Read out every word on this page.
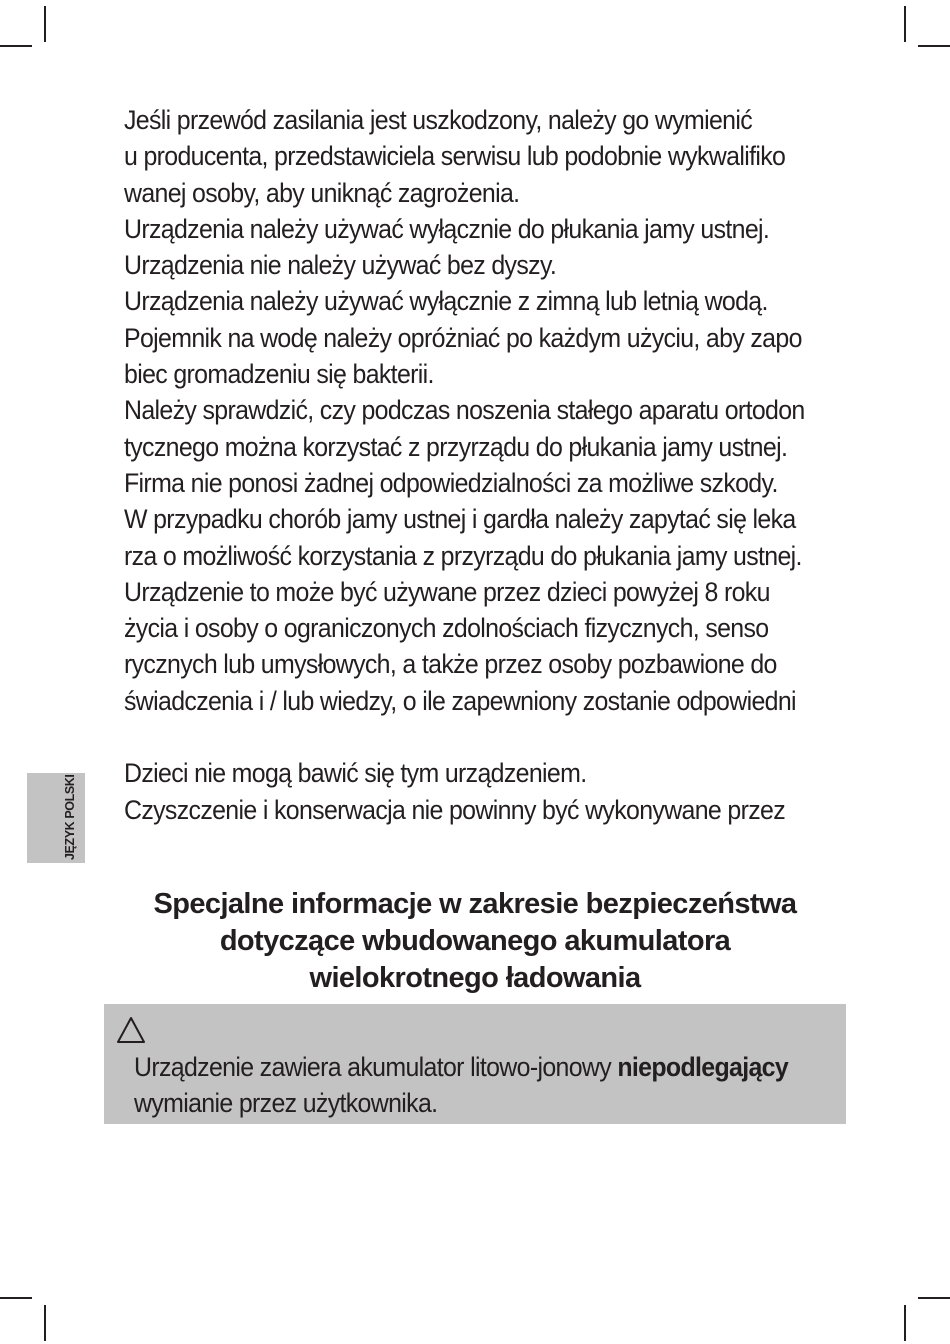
Jeśli przewód zasilania jest uszkodzony, należy go wymienić
u producenta, przedstawiciela serwisu lub podobnie wykwalifiko
wanej osoby, aby uniknąć zagrożenia.
Urządzenia należy używać wyłącznie do płukania jamy ustnej.
Urządzenia nie należy używać bez dyszy.
Urządzenia należy używać wyłącznie z zimną lub letnią wodą.
Pojemnik na wodę należy opróżniać po każdym użyciu, aby zapo
biec gromadzeniu się bakterii.
Należy sprawdzić, czy podczas noszenia stałego aparatu ortodon
tycznego można korzystać z przyrządu do płukania jamy ustnej.
Firma nie ponosi żadnej odpowiedzialności za możliwe szkody.
W przypadku chorób jamy ustnej i gardła należy zapytać się leka
rza o możliwość korzystania z przyrządu do płukania jamy ustnej.
Urządzenie to może być używane przez dzieci powyżej 8 roku
życia i osoby o ograniczonych zdolnościach fizycznych, senso
rycznych lub umysłowych, a także przez osoby pozbawione do
świadczenia i / lub wiedzy, o ile zapewniony zostanie odpowiedni
Dzieci nie mogą bawić się tym urządzeniem.
Czyszczenie i konserwacja nie powinny być wykonywane przez
JĘZYK POLSKI
Specjalne informacje w zakresie bezpieczeństwa
dotyczące wbudowanego akumulatora
wielokrotnego ładowania

Urządzenie zawiera akumulator litowo-jonowy niepodlegający
wymianie przez użytkownika.
